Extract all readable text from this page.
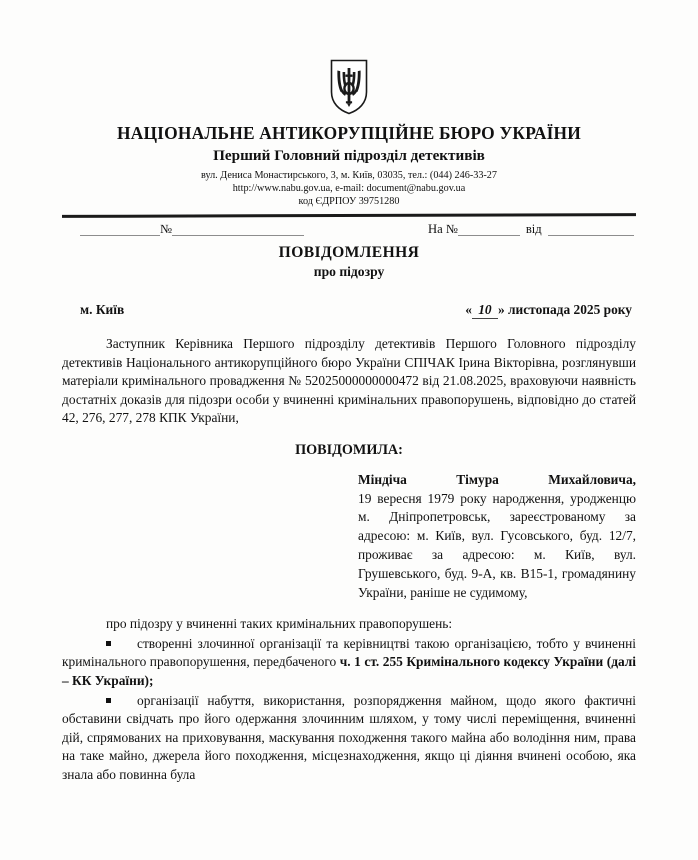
НАЦІОНАЛЬНЕ АНТИКОРУПЦІЙНЕ БЮРО УКРАЇНИ
Перший Головний підрозділ детективів
вул. Дениса Монастирського, 3, м. Київ, 03035, тел.: (044) 246-33-27
http://www.nabu.gov.ua, e-mail: document@nabu.gov.ua
код ЄДРПОУ 39751280
№	На №	від
ПОВІДОМЛЕННЯ
про підозру
м. Київ	« 10 » листопада 2025 року
Заступник Керівника Першого підрозділу детективів Першого Головного підрозділу детективів Національного антикорупційного бюро України СПІЧАК Ірина Вікторівна, розглянувши матеріали кримінального провадження № 52025000000000472 від 21.08.2025, враховуючи наявність достатніх доказів для підозри особи у вчиненні кримінальних правопорушень, відповідно до статей 42, 276, 277, 278 КПК України,
ПОВІДОМИЛА:
Міндіча Тімура Михайловича,
19 вересня 1979 року народження, уродженцю м. Дніпропетровськ, зареєстрованому за адресою: м. Київ, вул. Гусовського, буд. 12/7, проживає за адресою: м. Київ, вул. Грушевського, буд. 9-А, кв. В15-1, громадянину України, раніше не судимому,
про підозру у вчиненні таких кримінальних правопорушень:
створенні злочинної організації та керівництві такою організацією, тобто у вчиненні кримінального правопорушення, передбаченого ч. 1 ст. 255 Кримінального кодексу України (далі – КК України);
організації набуття, використання, розпорядження майном, щодо якого фактичні обставини свідчать про його одержання злочинним шляхом, у тому числі переміщення, вчиненні дій, спрямованих на приховування, маскування походження такого майна або володіння ним, права на таке майно, джерела його походження, місцезнаходження, якщо ці діяння вчинені особою, яка знала або повинна була
